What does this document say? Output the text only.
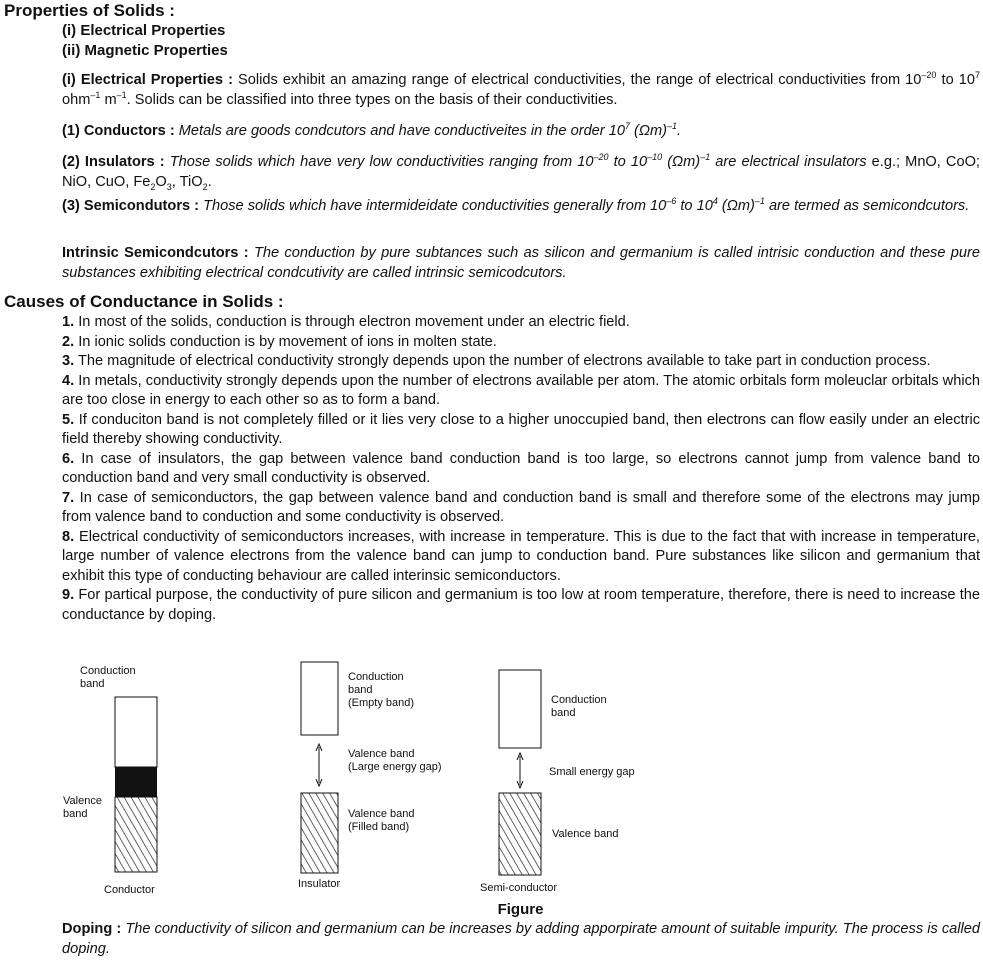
Properties of Solids :
(i) Electrical Properties
(ii) Magnetic Properties
(i) Electrical Properties : Solids exhibit an amazing range of electrical conductivities, the range of electrical conductivities from $10^{-20}$ to $10^7$ ohm$^{-1}$ $m^{-1}$. Solids can be classified into three types on the basis of their conductivities.
(1) Conductors : Metals are goods condcutors and have conductiveites in the order $10^7$ $(\Omega m)^{-1}$.
(2) Insulators : Those solids which have very low conductivities ranging from $10^{-20}$ to $10^{-10}$ $(\Omega m)^{-1}$ are electrical insulators e.g.; MnO, CoO; NiO, CuO, $Fe_2O_3$, TiO$_2$.
(3) Semicondutors : Those solids which have intermideidate conductivities generally from $10^{-6}$ to $10^4$ $(\Omega m)^{-1}$ are termed as semicondcutors.
Intrinsic Semicondcutors : The conduction by pure subtances such as silicon and germanium is called intrisic conduction and these pure substances exhibiting electrical condcutivity are called intrinsic semicodcutors.
Causes of Conductance in Solids :
1. In most of the solids, conduction is through electron movement under an electric field.
2. In ionic solids conduction is by movement of ions in molten state.
3. The magnitude of electrical conductivity strongly depends upon the number of electrons available to take part in conduction process.
4. In metals, conductivity strongly depends upon the number of electrons available per atom. The atomic orbitals form moleuclar orbitals which are too close in energy to each other so as to form a band.
5. If conduciton band is not completely filled or it lies very close to a higher unoccupied band, then electrons can flow easily under an electric field thereby showing conductivity.
6. In case of insulators, the gap between valence band conduction band is too large, so electrons cannot jump from valence band to conduction band and very small conductivity is observed.
7. In case of semiconductors, the gap between valence band and conduction band is small and therefore some of the electrons may jump from valence band to conduction and some conductivity is observed.
8. Electrical conductivity of semiconductors increases, with increase in temperature. This is due to the fact that with increase in temperature, large number of valence electrons from the valence band can jump to conduction band. Pure substances like silicon and germanium that exhibit this type of conducting behaviour are called interinsic semiconductors.
9. For partical purpose, the conductivity of pure silicon and germanium is too low at room temperature, therefore, there is need to increase the conductance by doping.
Conduction
band
Valence
band
Conductor
Conduction
band
(Empty band)
Valence band
(Large energy gap)
Valence band
(Filled band)
Insulator
Conduction
band
Small energy gap
Valence band
Semi-conductor
Figure
Doping : The conductivity of silicon and germanium can be increases by adding apporpirate amount of suitable impurity. The process is called doping.
